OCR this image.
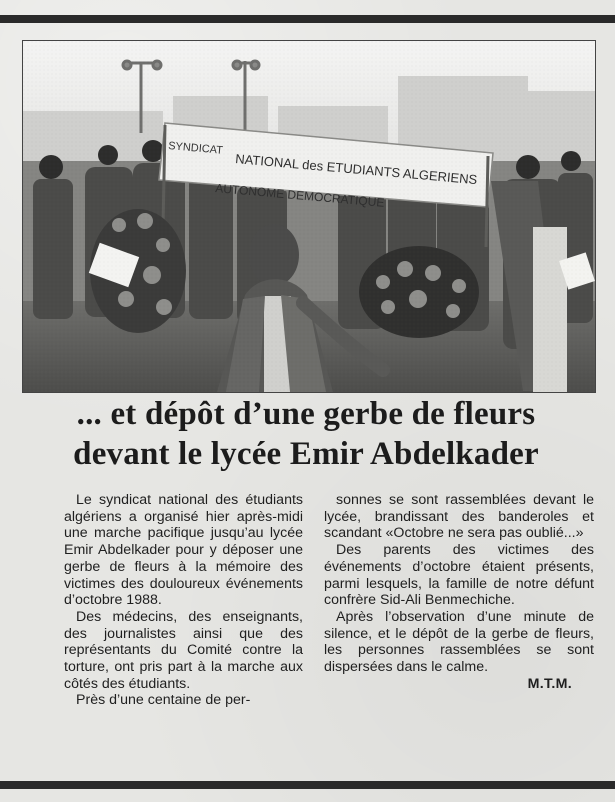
... et dépôt d’une gerbe de fleurs
devant le lycée Emir Abdelkader

Le syndicat national des étudiants algériens a organisé hier après-midi une marche pacifique jusqu’au lycée Emir Abdelkader pour y déposer une gerbe de fleurs à la mémoire des victimes des douloureux événements d’octobre 1988.

Des médecins, des enseignants, des journalistes ainsi que des représentants du Comité contre la torture, ont pris part à la marche aux côtés des étudiants.

Près d’une centaine de per-

sonnes se sont rassemblées devant le lycée, brandissant des banderoles et scandant «Octobre ne sera pas oublié...»

Des parents des victimes des événements d’octobre étaient présents, parmi lesquels, la famille de notre défunt confrère Sid-Ali Benmechiche.

Après l’observation d’une minute de silence, et le dépôt de la gerbe de fleurs, les personnes rassemblées se sont dispersées dans le calme.

M.T.M.
